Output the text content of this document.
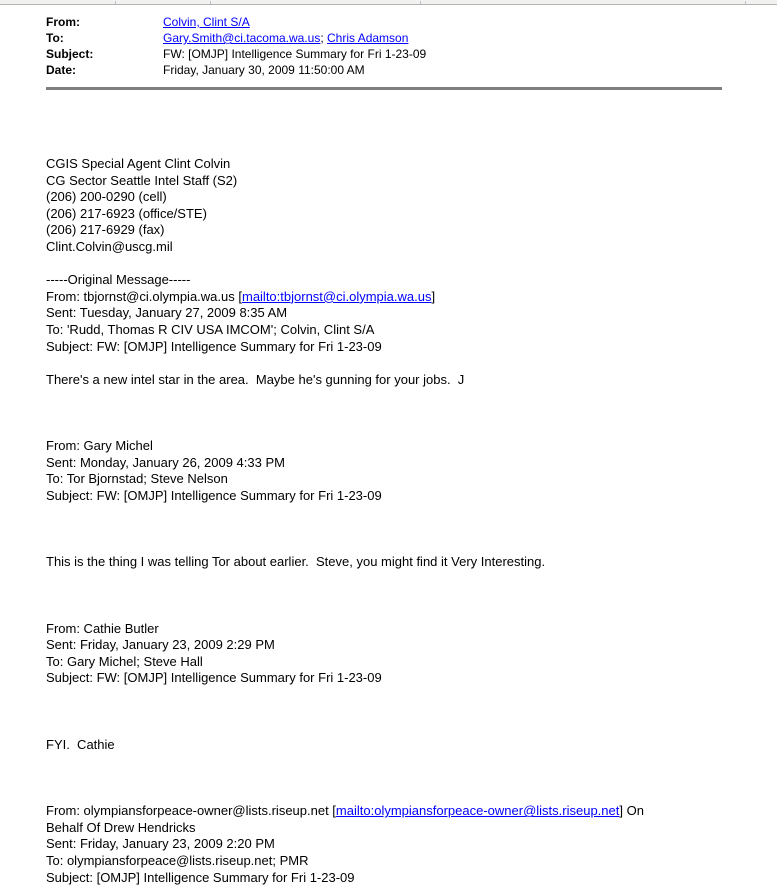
From:	Colvin, Clint S/A
To:	Gary.Smith@ci.tacoma.wa.us; Chris Adamson
Subject:	FW: [OMJP] Intelligence Summary for Fri 1-23-09
Date:	Friday, January 30, 2009 11:50:00 AM
CGIS Special Agent Clint Colvin
CG Sector Seattle Intel Staff (S2)
(206) 200-0290 (cell)
(206) 217-6923 (office/STE)
(206) 217-6929 (fax)
Clint.Colvin@uscg.mil
-----Original Message-----
From: tbjornst@ci.olympia.wa.us [mailto:tbjornst@ci.olympia.wa.us]
Sent: Tuesday, January 27, 2009 8:35 AM
To: 'Rudd, Thomas R CIV USA IMCOM'; Colvin, Clint S/A
Subject: FW: [OMJP] Intelligence Summary for Fri 1-23-09
There's a new intel star in the area.  Maybe he's gunning for your jobs.  J
From: Gary Michel
Sent: Monday, January 26, 2009 4:33 PM
To: Tor Bjornstad; Steve Nelson
Subject: FW: [OMJP] Intelligence Summary for Fri 1-23-09
This is the thing I was telling Tor about earlier.  Steve, you might find it Very Interesting.
From: Cathie Butler
Sent: Friday, January 23, 2009 2:29 PM
To: Gary Michel; Steve Hall
Subject: FW: [OMJP] Intelligence Summary for Fri 1-23-09
FYI.  Cathie
From: olympiansforpeace-owner@lists.riseup.net [mailto:olympiansforpeace-owner@lists.riseup.net] On
Behalf Of Drew Hendricks
Sent: Friday, January 23, 2009 2:20 PM
To: olympiansforpeace@lists.riseup.net; PMR
Subject: [OMJP] Intelligence Summary for Fri 1-23-09
